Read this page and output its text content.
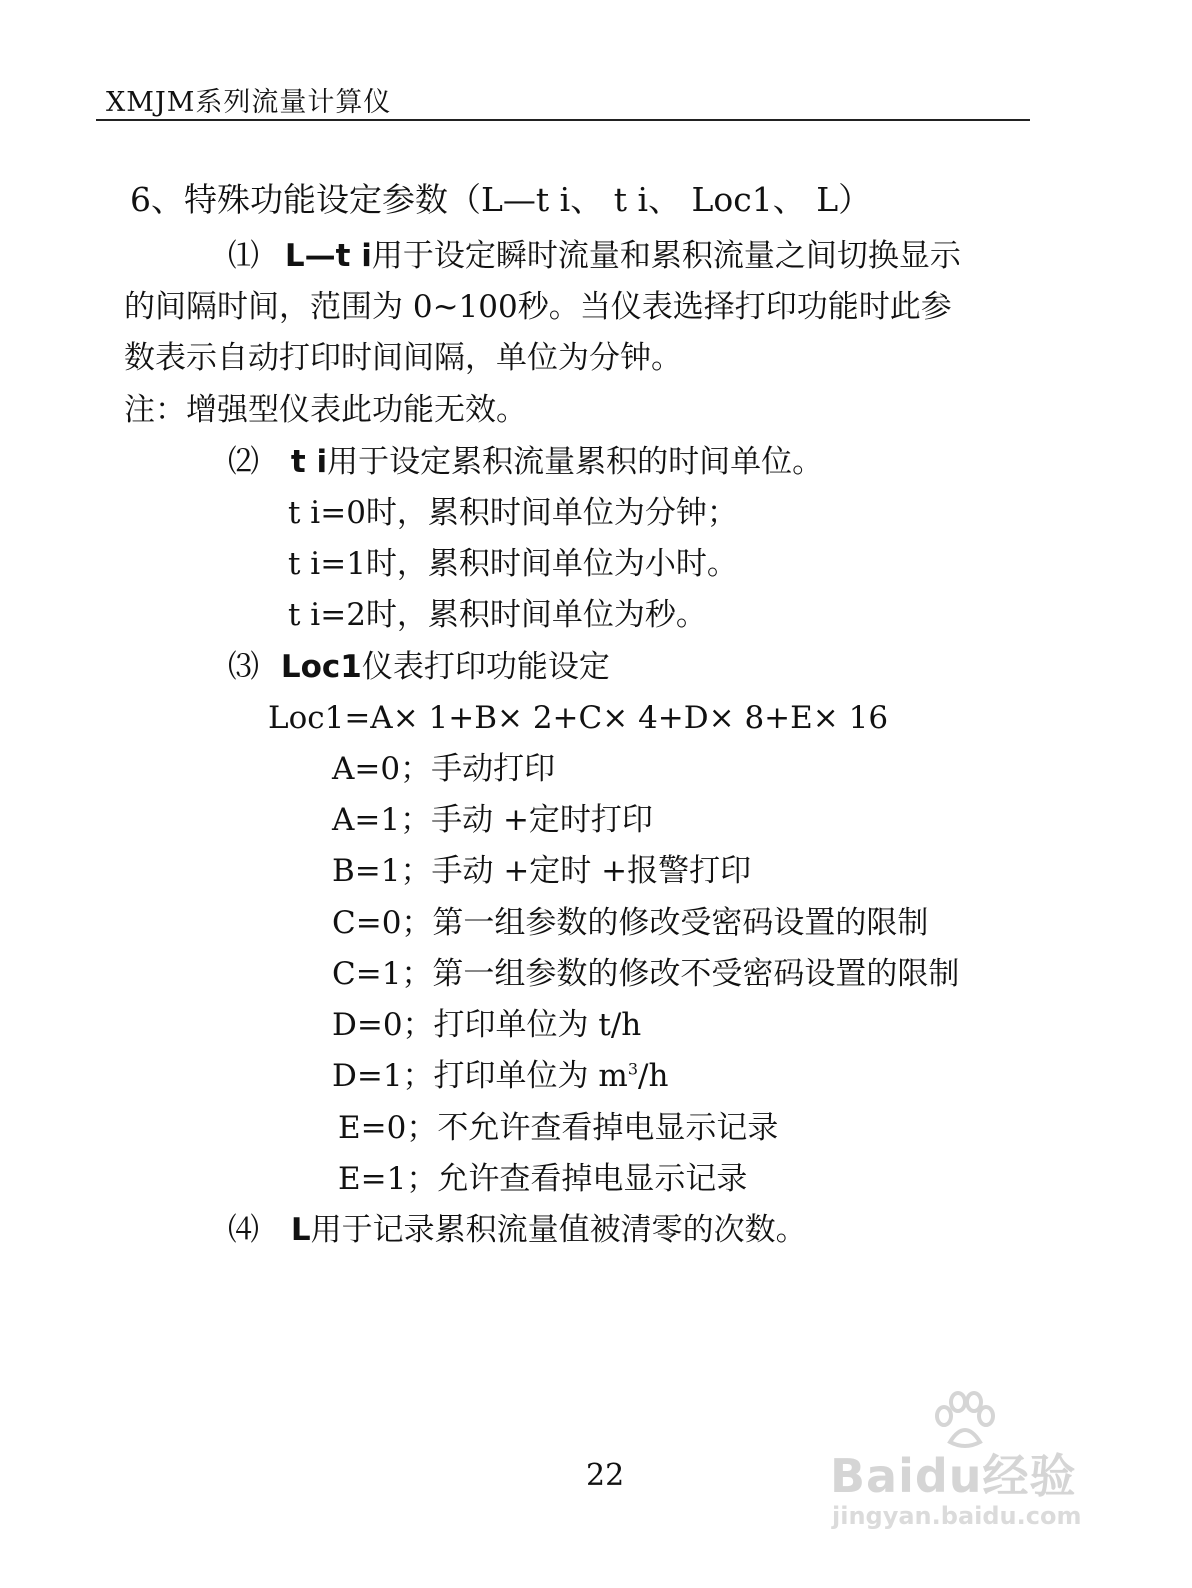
XMJM系列流量计算仪
6、特殊功能设定参数（L—t i、 t i、 Loc1、 L）
⑴ L—t i用于设定瞬时流量和累积流量之间切换显示
的间隔时间，范围为 0~100秒。当仪表选择打印功能时此参
数表示自动打印时间间隔，单位为分钟。
注：增强型仪表此功能无效。
⑵ t i用于设定累积流量累积的时间单位。
t i=0时，累积时间单位为分钟；
t i=1时，累积时间单位为小时。
t i=2时，累积时间单位为秒。
⑶ Loc1仪表打印功能设定
Loc1=A× 1+B× 2+C× 4+D× 8+E× 16
A=0；手动打印
A=1；手动 +定时打印
B=1；手动 +定时 +报警打印
C=0；第一组参数的修改受密码设置的限制
C=1；第一组参数的修改不受密码设置的限制
D=0；打印单位为 t/h
D=1；打印单位为 $m^3/h$
E=0；不允许查看掉电显示记录
E=1；允许查看掉电显示记录
⑷ L用于记录累积流量值被清零的次数。
22	Baidu经验
jingyan.baidu.com
